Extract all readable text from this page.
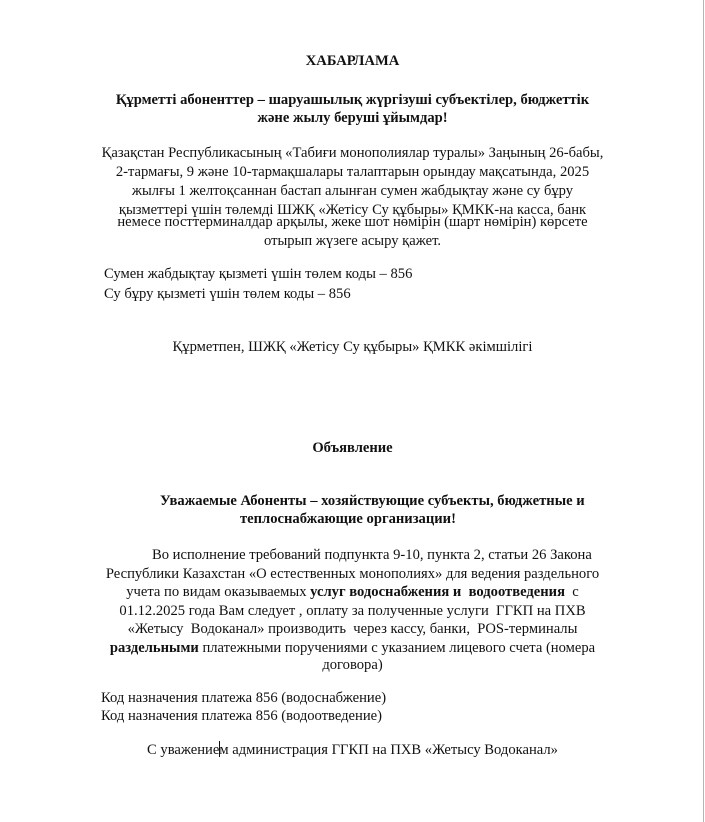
ХАБАРЛАМА
Құрметті абоненттер – шаруашылық жүргізуші субъектілер, бюджеттік
және жылу беруші ұйымдар!
Қазақстан Республикасының «Табиғи монополиялар туралы» Заңының 26-бабы,
2-тармағы, 9 және 10-тармақшалары талаптарын орындау мақсатында, 2025
жылғы 1 желтоқсаннан бастап алынған сумен жабдықтау және су бұру
қызметтері үшін төлемді ШЖҚ «Жетісу Су құбыры» ҚМКК-на касса, банк
немесе посттерминалдар арқылы, жеке шот нөмірін (шарт нөмірін) көрсете
отырып жүзеге асыру қажет.
Сумен жабдықтау қызметі үшін төлем коды – 856
Су бұру қызметі үшін төлем коды – 856
Құрметпен, ШЖҚ «Жетісу Су құбыры» ҚМКК әкімшілігі
Объявление
Уважаемые Абоненты – хозяйствующие субъекты, бюджетные и
теплоснабжающие организации!
Во исполнение требований подпункта 9-10, пункта 2, статьи 26 Закона
Республики Казахстан «О естественных монополиях» для ведения раздельного
учета по видам оказываемых услуг водоснабжения и  водоотведения  с
01.12.2025 года Вам следует , оплату за полученные услуги  ГГКП на ПХВ
«Жетысу  Водоканал» производить  через кассу, банки,  POS-терминалы
раздельными платежными поручениями с указанием лицевого счета (номера
договора)
Код назначения платежа 856 (водоснабжение)
Код назначения платежа 856 (водоотведение)
С уважением администрация ГГКП на ПХВ «Жетысу Водоканал»
